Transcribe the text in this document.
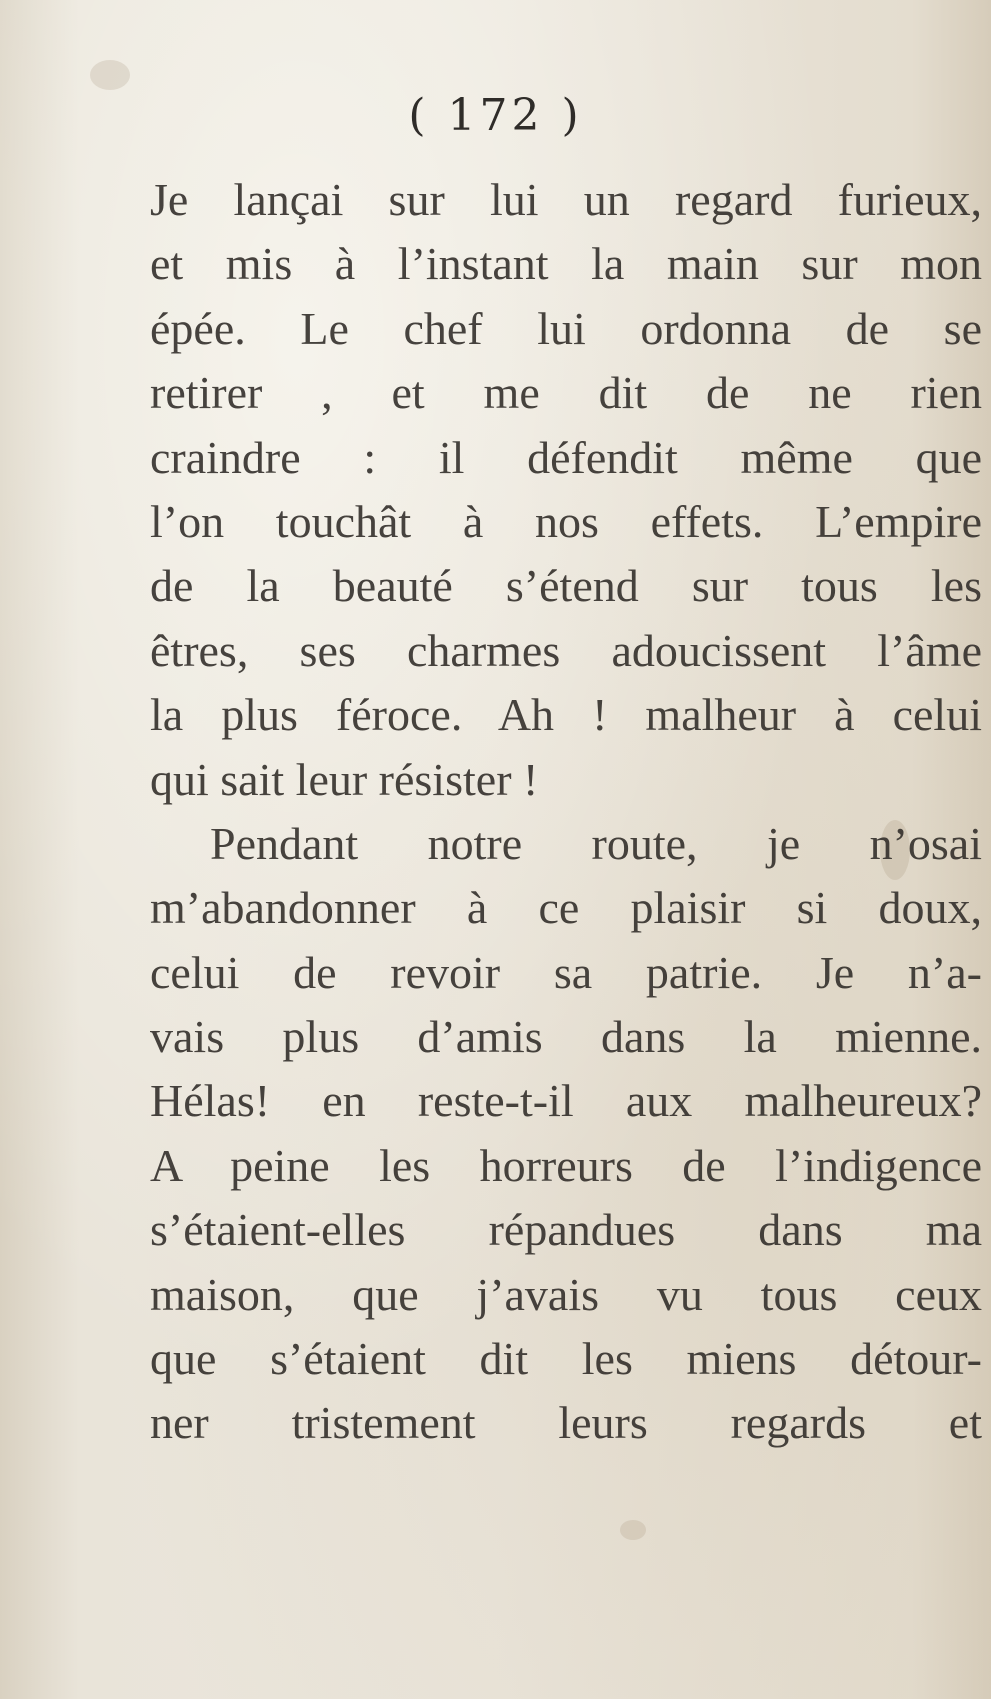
( 172 )
Je lançai sur lui un regard furieux,
et mis à l’instant la main sur mon
épée. Le chef lui ordonna de se
retirer , et me dit de ne rien
craindre : il défendit même que
l’on touchât à nos effets. L’empire
de la beauté s’étend sur tous les
êtres, ses charmes adoucissent l’âme
la plus féroce. Ah ! malheur à celui
qui sait leur résister !
Pendant notre route, je n’osai
m’abandonner à ce plaisir si doux,
celui de revoir sa patrie. Je n’a-
vais plus d’amis dans la mienne.
Hélas! en reste-t-il aux malheureux?
A peine les horreurs de l’indigence
s’étaient-elles répandues dans ma
maison, que j’avais vu tous ceux
que s’étaient dit les miens détour-
ner tristement leurs regards et
